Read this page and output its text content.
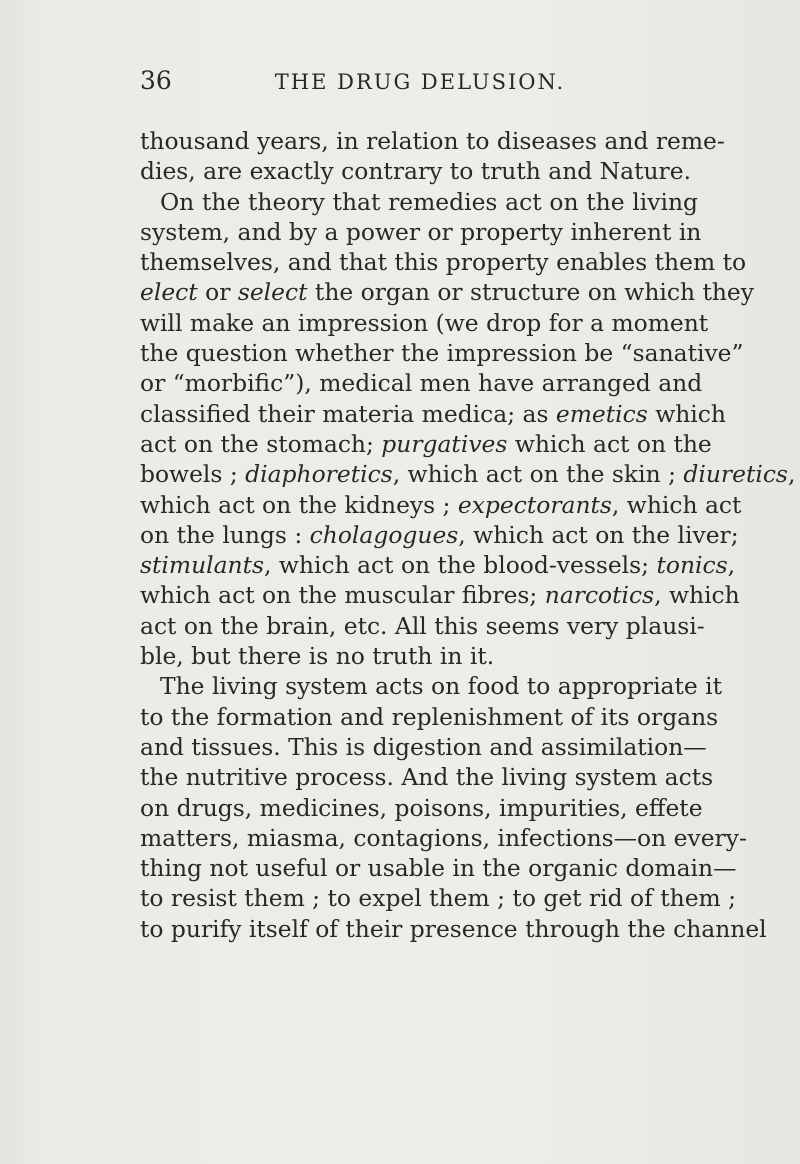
36	THE DRUG DELUSION.
thousand years, in relation to diseases and reme-
dies, are exactly contrary to truth and Nature.
On the theory that remedies act on the living
system, and by a power or property inherent in
themselves, and that this property enables them to
elect or select the organ or structure on which they
will make an impression (we drop for a moment
the question whether the impression be “sanative”
or “morbific”), medical men have arranged and
classified their materia medica; as emetics which
act on the stomach; purgatives which act on the
bowels ; diaphoretics, which act on the skin ; diuretics,
which act on the kidneys ; expectorants, which act
on the lungs : cholagogues, which act on the liver;
stimulants, which act on the blood-vessels; tonics,
which act on the muscular fibres; narcotics, which
act on the brain, etc. All this seems very plausi-
ble, but there is no truth in it.
The living system acts on food to appropriate it
to the formation and replenishment of its organs
and tissues. This is digestion and assimilation—
the nutritive process. And the living system acts
on drugs, medicines, poisons, impurities, effete
matters, miasma, contagions, infections—on every-
thing not useful or usable in the organic domain—
to resist them ; to expel them ; to get rid of them ;
to purify itself of their presence through the channel
